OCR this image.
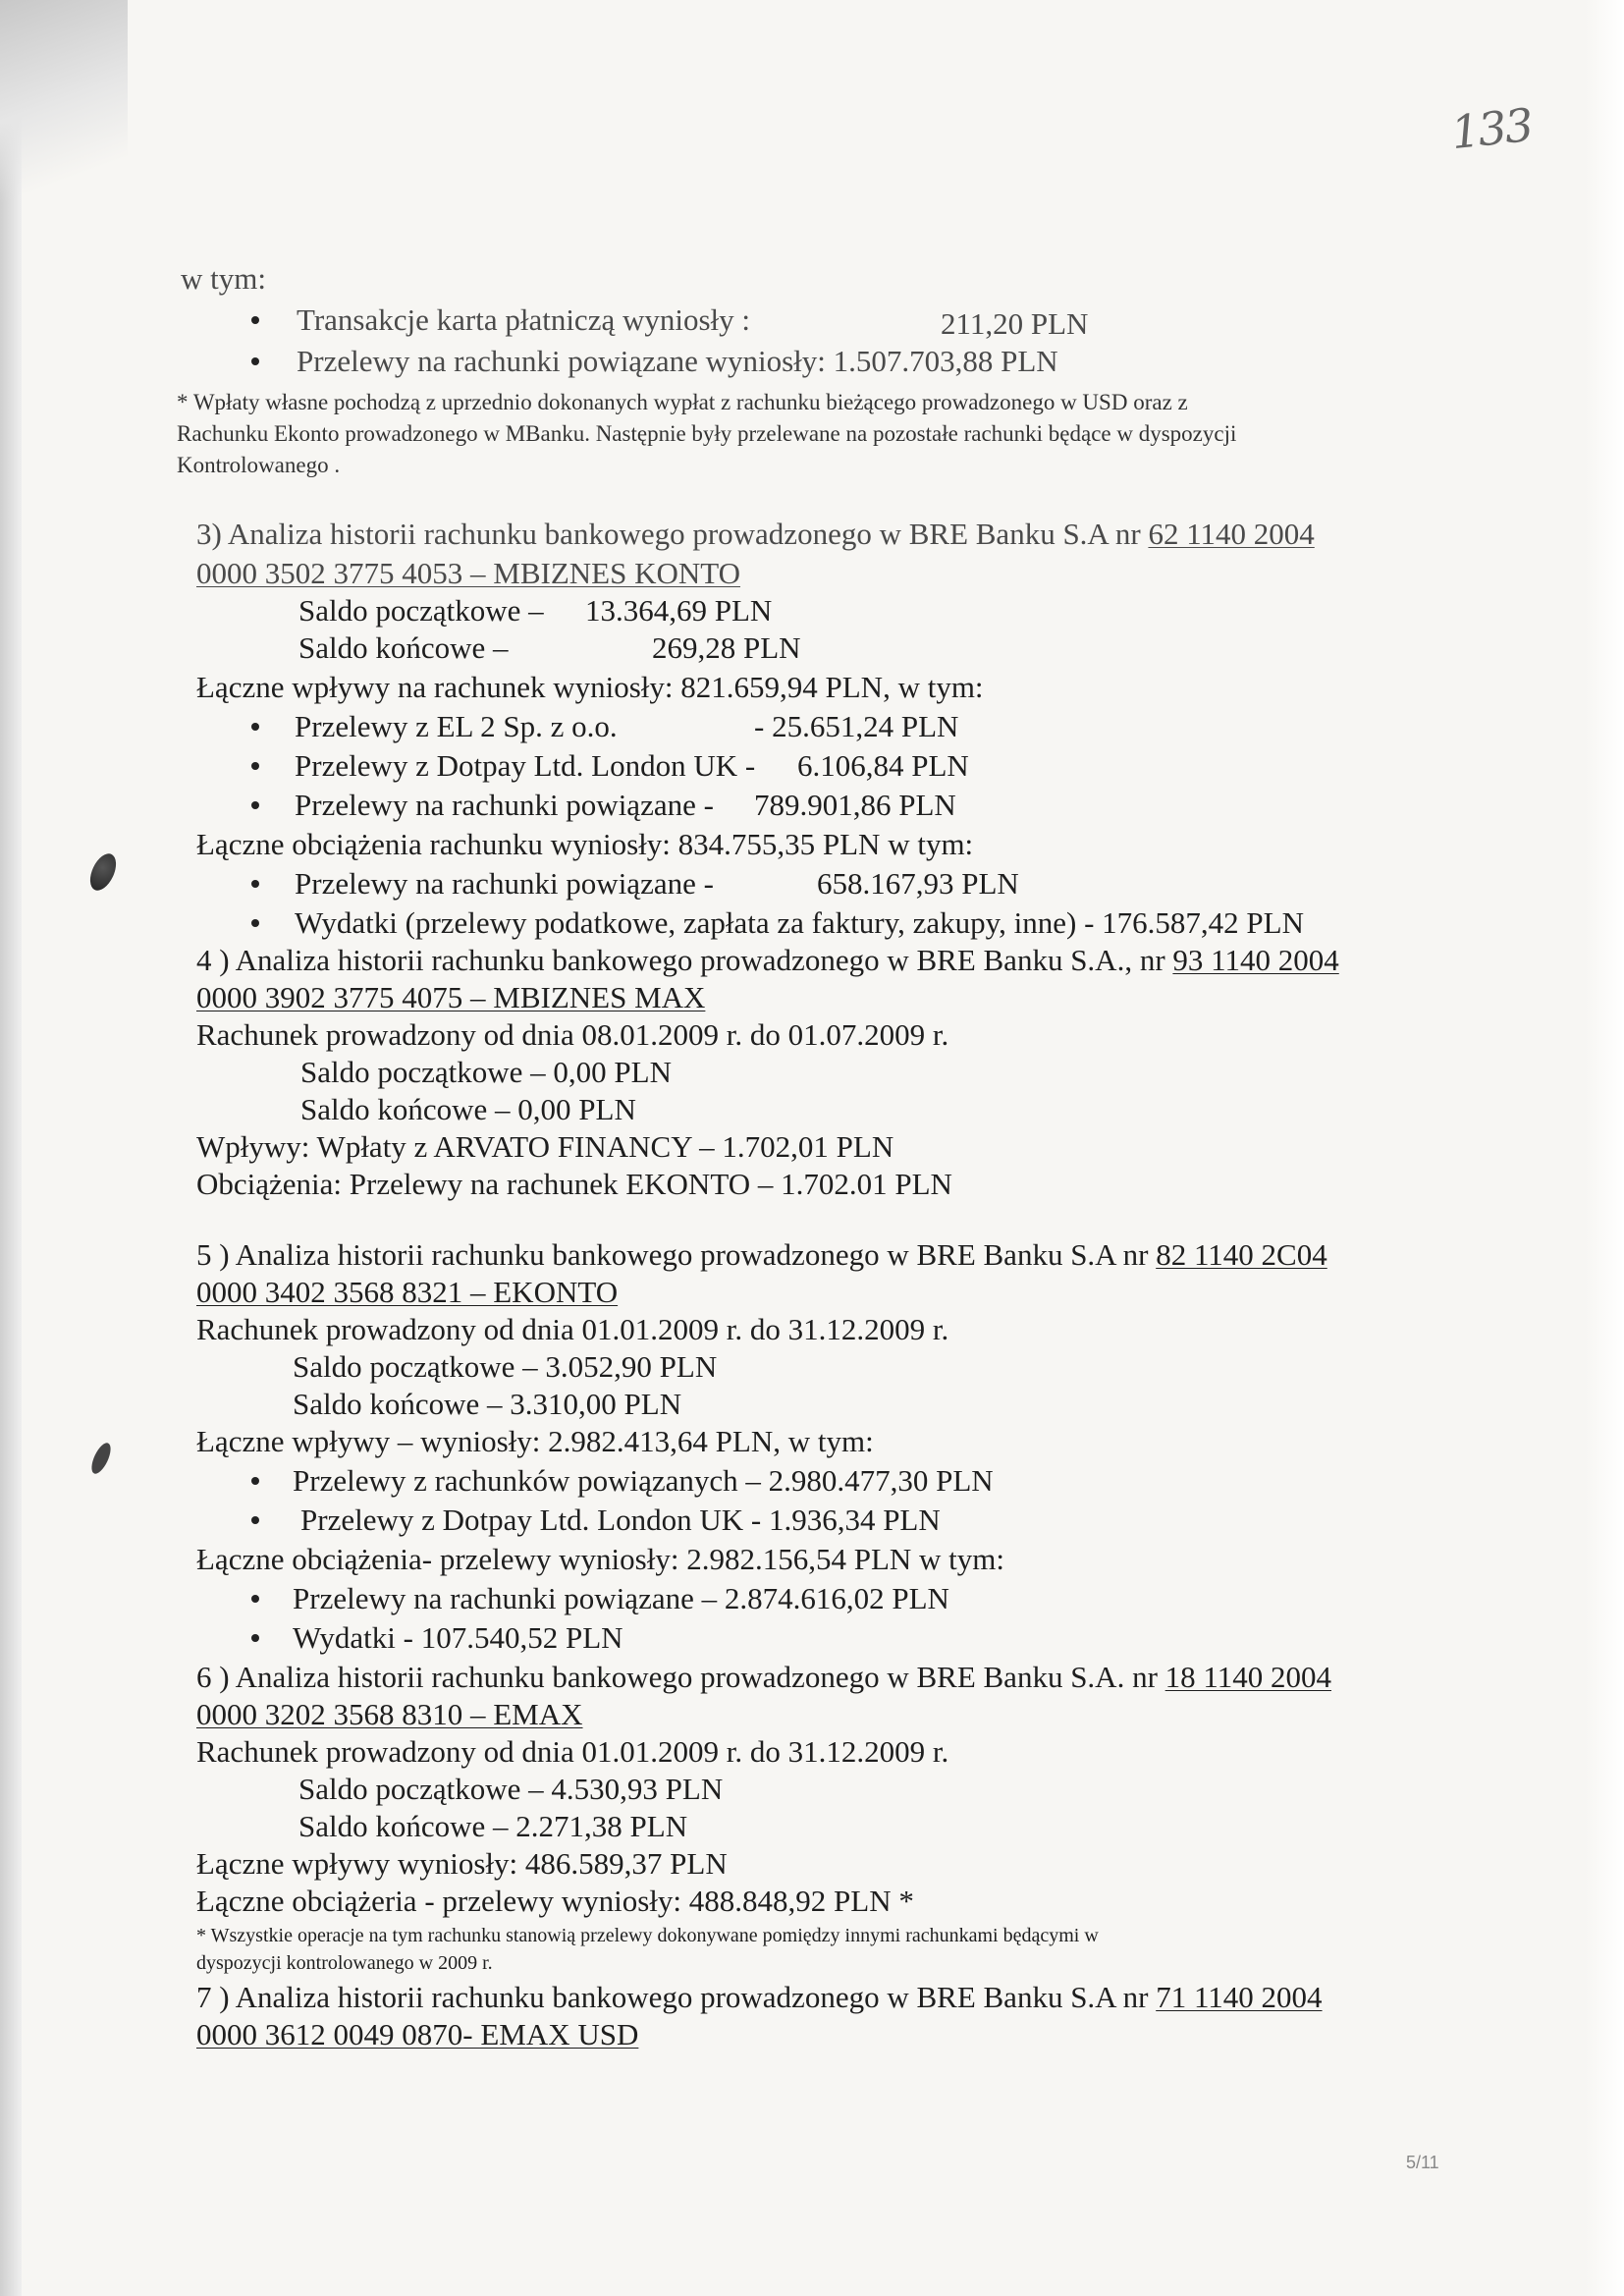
133
w tym:
Transakcje karta płatniczą wyniosły :	211,20 PLN
Przelewy na rachunki powiązane wyniosły: 1.507.703,88 PLN
* Wpłaty własne pochodzą z uprzednio dokonanych wypłat z rachunku bieżącego prowadzonego w USD oraz z
Rachunku Ekonto prowadzonego w MBanku. Następnie były przelewane na pozostałe rachunki będące w dyspozycji
Kontrolowanego .
3) Analiza historii rachunku bankowego prowadzonego w BRE Banku S.A nr 62 1140 2004
0000 3502 3775 4053 – MBIZNES KONTO
Saldo początkowe – 13.364,69 PLN
Saldo końcowe –	269,28 PLN
Łączne wpływy na rachunek wyniosły: 821.659,94 PLN, w tym:
Przelewy z EL 2 Sp. z o.o.	- 25.651,24 PLN
Przelewy z Dotpay Ltd. London UK - 6.106,84 PLN
Przelewy na rachunki powiązane - 789.901,86 PLN
Łączne obciążenia rachunku wyniosły: 834.755,35 PLN w tym:
Przelewy na rachunki powiązane -	658.167,93 PLN
Wydatki (przelewy podatkowe, zapłata za faktury, zakupy, inne) - 176.587,42 PLN
4 ) Analiza historii rachunku bankowego prowadzonego w BRE Banku S.A., nr 93 1140 2004
0000 3902 3775 4075 – MBIZNES MAX
Rachunek prowadzony od dnia 08.01.2009 r. do 01.07.2009 r.
Saldo początkowe – 0,00 PLN
Saldo końcowe – 0,00 PLN
Wpływy: Wpłaty z ARVATO FINANCY – 1.702,01 PLN
Obciążenia: Przelewy na rachunek EKONTO – 1.702.01 PLN
5 ) Analiza historii rachunku bankowego prowadzonego w BRE Banku S.A nr 82 1140 2C04
0000 3402 3568 8321 – EKONTO
Rachunek prowadzony od dnia 01.01.2009 r. do 31.12.2009 r.
Saldo początkowe – 3.052,90 PLN
Saldo końcowe – 3.310,00 PLN
Łączne wpływy – wyniosły: 2.982.413,64 PLN, w tym:
Przelewy z rachunków powiązanych – 2.980.477,30 PLN
Przelewy z Dotpay Ltd. London UK - 1.936,34 PLN
Łączne obciążenia- przelewy wyniosły: 2.982.156,54 PLN w tym:
Przelewy na rachunki powiązane – 2.874.616,02 PLN
Wydatki - 107.540,52 PLN
6 ) Analiza historii rachunku bankowego prowadzonego w BRE Banku S.A. nr 18 1140 2004
0000 3202 3568 8310 – EMAX
Rachunek prowadzony od dnia 01.01.2009 r. do 31.12.2009 r.
Saldo początkowe – 4.530,93 PLN
Saldo końcowe – 2.271,38 PLN
Łączne wpływy wyniosły: 486.589,37 PLN
Łączne obciążeria - przelewy wyniosły: 488.848,92 PLN *
* Wszystkie operacje na tym rachunku stanowią przelewy dokonywane pomiędzy innymi rachunkami będącymi w
dyspozycji kontrolowanego w 2009 r.
7 ) Analiza historii rachunku bankowego prowadzonego w BRE Banku S.A nr 71 1140 2004
0000 3612 0049 0870- EMAX USD
5/11
